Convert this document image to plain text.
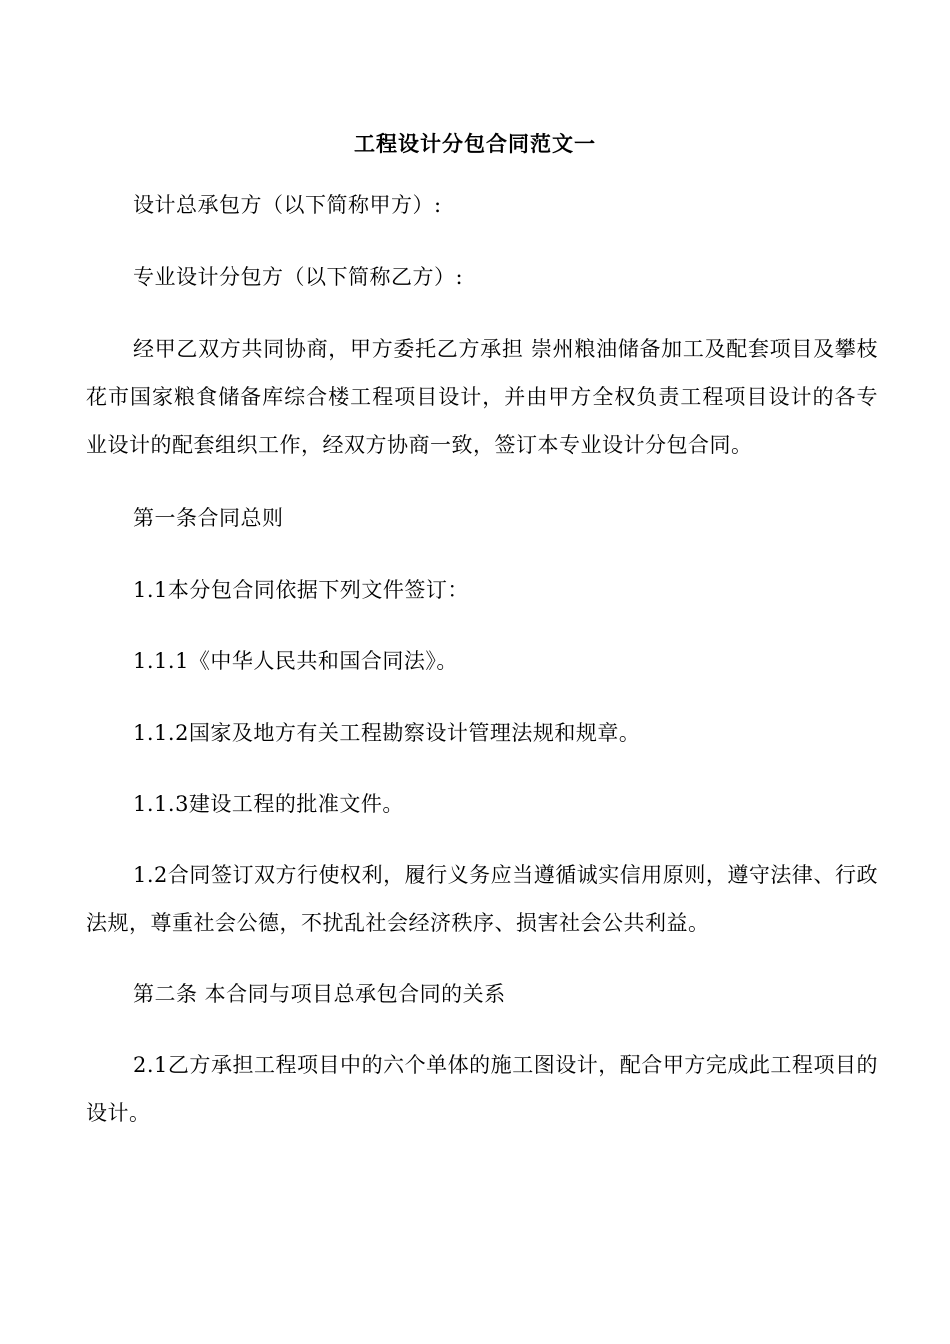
工程设计分包合同范文一

设计总承包方（以下简称甲方）:

专业设计分包方（以下简称乙方）:

经甲乙双方共同协商，甲方委托乙方承担 崇州粮油储备加工及配套项目及攀枝花市国家粮食储备库综合楼工程项目设计，并由甲方全权负责工程项目设计的各专业设计的配套组织工作，经双方协商一致，签订本专业设计分包合同。

第一条合同总则

1.1本分包合同依据下列文件签订：

1.1.1《中华人民共和国合同法》。

1.1.2国家及地方有关工程勘察设计管理法规和规章。

1.1.3建设工程的批准文件。

1.2合同签订双方行使权利，履行义务应当遵循诚实信用原则，遵守法律、行政法规，尊重社会公德，不扰乱社会经济秩序、损害社会公共利益。

第二条 本合同与项目总承包合同的关系

2.1乙方承担工程项目中的六个单体的施工图设计，配合甲方完成此工程项目的设计。
